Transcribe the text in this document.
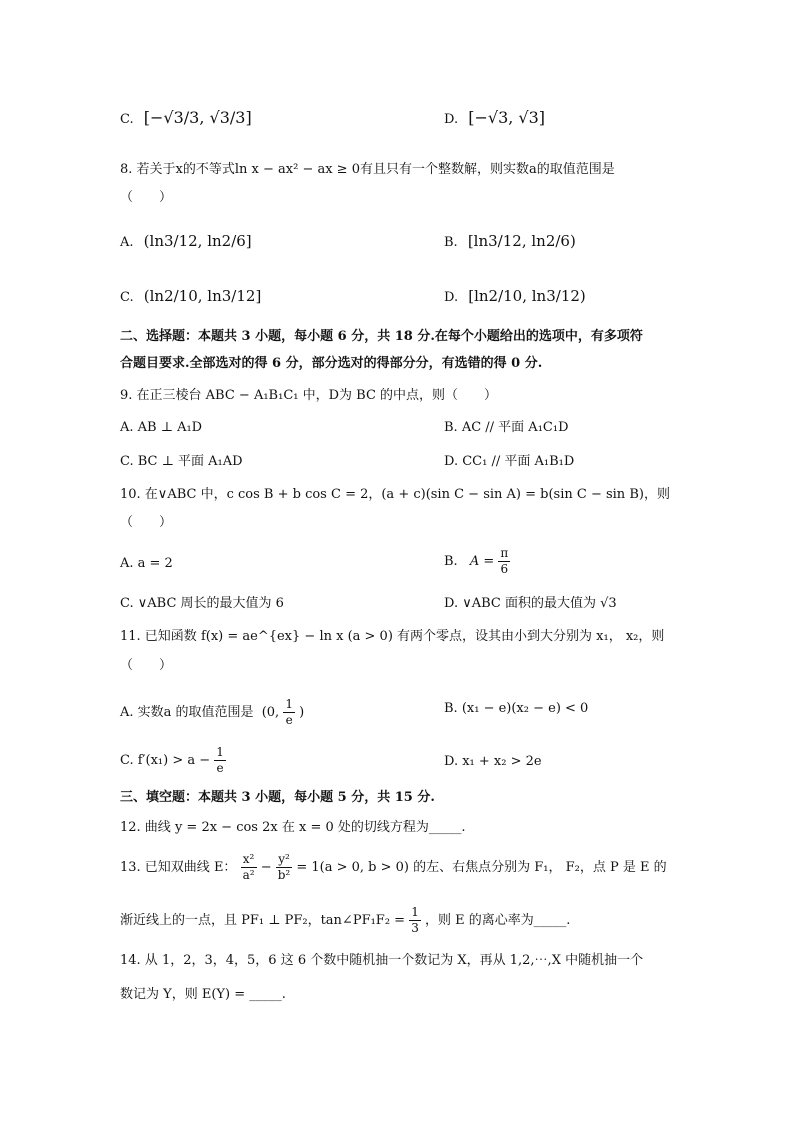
C. [−√3/3, √3/3]	D. [−√3, √3]
8. 若关于x的不等式ln x − ax² − ax ≥ 0有且只有一个整数解，则实数a的取值范围是
（　　）
A. (ln3/12, ln2/6]	B. [ln3/12, ln2/6)
C. (ln2/10, ln3/12]	D. [ln2/10, ln3/12)
二、选择题：本题共 3 小题，每小题 6 分，共 18 分.在每个小题给出的选项中，有多项符
合题目要求.全部选对的得 6 分，部分选对的得部分分，有选错的得 0 分.
9. 在正三棱台 ABC − A₁B₁C₁ 中，D为 BC 的中点，则（　　）
A. AB ⊥ A₁D	B. AC // 平面 A₁C₁D
C. BC ⊥ 平面 A₁AD	D. CC₁ // 平面 A₁B₁D
10. 在∨ABC 中，c cos B + b cos C = 2，(a + c)(sin C − sin A) = b(sin C − sin B)，则
（　　）
A. a = 2	B. $A = \frac{\pi}{6}$
C. ∨ABC 周长的最大值为 6	D. ∨ABC 面积的最大值为 √3
11. 已知函数 f(x) = ae^{ex} − ln x (a > 0) 有两个零点，设其由小到大分别为 x₁， x₂，则
（　　）
A. 实数a 的取值范围是 (0, $\frac{1}{e}$ )	B. (x₁ − e)(x₂ − e) < 0
C. $f'(x_1) > a - \frac{1}{e}$	D. x₁ + x₂ > 2e
三、填空题：本题共 3 小题，每小题 5 分，共 15 分.
12. 曲线 y = 2x − cos 2x 在 x = 0 处的切线方程为_____.
13. 已知双曲线 E： $\frac{\text{x²}}{\text{a²}} - \frac{\text{y²}}{\text{b²}} = 1(a > 0$, b > 0) 的左、右焦点分别为 F₁， F₂，点 P 是 E 的
渐近线上的一点，且 PF₁ ⊥ PF₂，tan∠PF₁F₂ = $\frac{1}{3}$ ，则 E 的离心率为_____.
14. 从 1，2，3，4，5，6 这 6 个数中随机抽一个数记为 X，再从 1,2,⋯,X 中随机抽一个
数记为 Y，则 E(Y) = _____.
